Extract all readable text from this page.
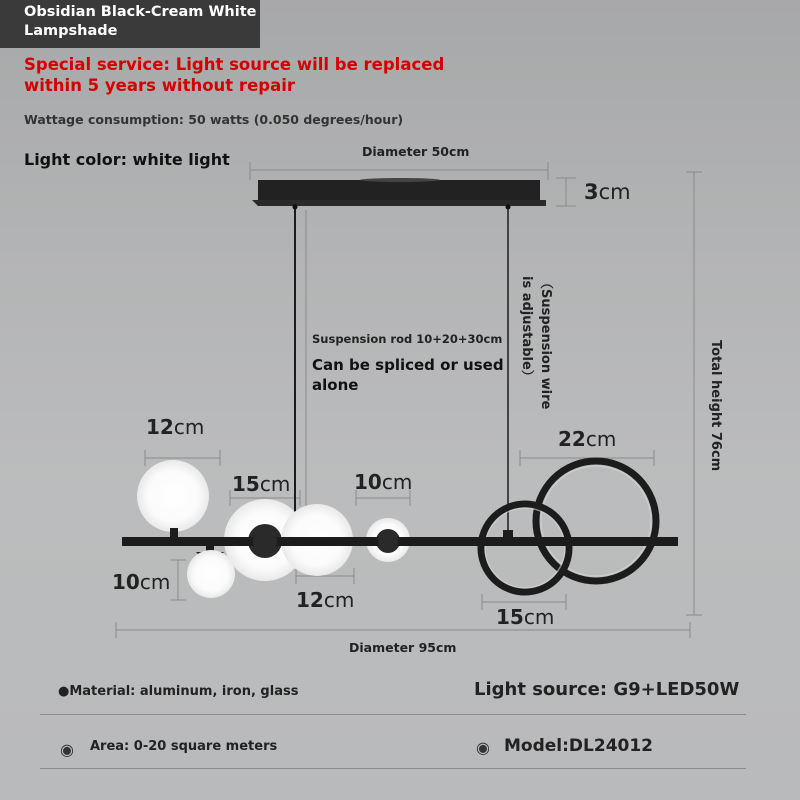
Obsidian Black-Cream White
Lampshade
Special service: Light source will be replaced within 5 years without repair
Wattage consumption: 50 watts (0.050 degrees/hour)
Light color: white light	Diameter 50cm
3cm
Suspension rod 10+20+30cm
Can be spliced or used alone	（Suspension wire
is adjustable）
Total height 76cm
12cm
15cm	10cm
10cm
12cm
22cm
15cm
Diameter 95cm
●Material: aluminum, iron, glass	Light source: G9+LED50W
◉ Area: 0-20 square meters	◉ Model:DL24012
